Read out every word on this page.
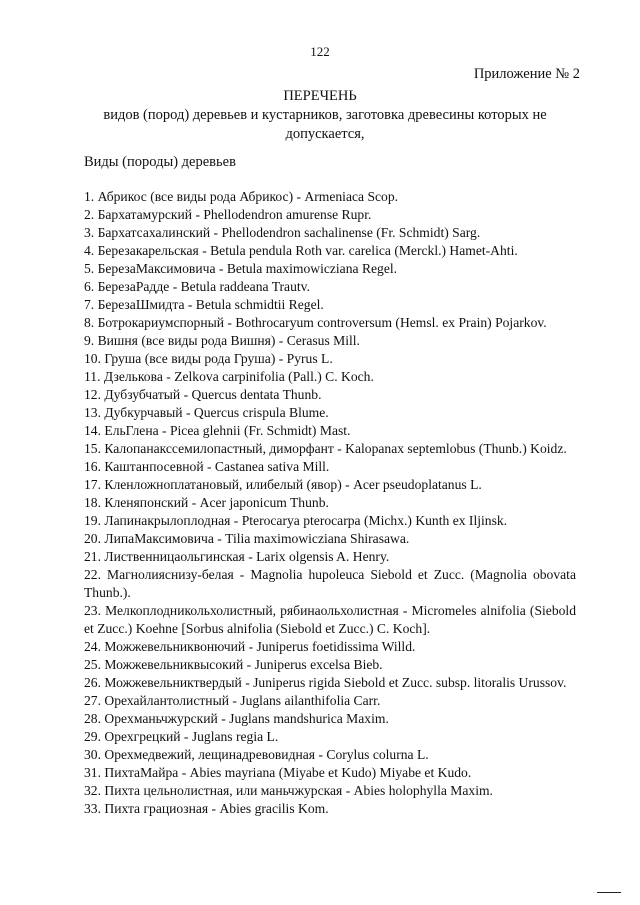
122
Приложение № 2
ПЕРЕЧЕНЬ
видов (пород) деревьев и кустарников, заготовка древесины которых не допускается,
Виды (породы) деревьев
1. Абрикос (все виды рода Абрикос) - Armeniaca Scop.
2. Бархатамурский - Phellodendron amurense Rupr.
3. Бархатсахалинский - Phellodendron sachalinense (Fr. Schmidt) Sarg.
4. Березакарельская - Betula pendula Roth var. carelica (Merckl.) Hamet-Ahti.
5. БерезаМаксимовича - Betula maximowicziana Regel.
6. БерезаРадде - Betula raddeana Trautv.
7. БерезаШмидта - Betula schmidtii Regel.
8. Ботрокариумспорный - Bothrocaryum controversum (Hemsl. ex Prain) Pojarkov.
9. Вишня (все виды рода Вишня) - Cerasus Mill.
10. Груша (все виды рода Груша) - Pyrus L.
11. Дзелькова - Zelkova carpinifolia (Pall.) C. Koch.
12. Дубзубчатый - Quercus dentata Thunb.
13. Дубкурчавый - Quercus crispula Blume.
14. ЕльГлена - Picea glehnii (Fr. Schmidt) Mast.
15. Калопанакссемилопастный, диморфант - Kalopanax septemlobus (Thunb.) Koidz.
16. Каштанпосевной - Castanea sativa Mill.
17. Кленложноплатановый, илибелый (явор) - Acer pseudoplatanus L.
18. Кленяпонский - Acer japonicum Thunb.
19. Лапинакрылоплодная - Pterocarya pterocarpa (Michx.) Kunth ex Iljinsk.
20. ЛипаМаксимовича - Tilia maximowicziana Shirasawa.
21. Лиственницаольгинская - Larix olgensis A. Henry.
22. Магнолияснизу-белая - Magnolia hupoleuca Siebold et Zucc. (Magnolia obovata Thunb.).
23. Мелкоплодникольхолистный, рябинаольхолистная - Micromeles alnifolia (Siebold et Zucc.) Koehne [Sorbus alnifolia (Siebold et Zucc.) C. Koch].
24. Можжевельниквонючий - Juniperus foetidissima Willd.
25. Можжевельниквысокий - Juniperus excelsa Bieb.
26. Можжевельниктвердый - Juniperus rigida Siebold et Zucc. subsp. litoralis Urussov.
27. Орехайлантолистный - Juglans ailanthifolia Carr.
28. Ореxманьчжурский - Juglans mandshurica Maxim.
29. Орехгрецкий - Juglans regia L.
30. Орехмедвежий, лещинадревовидная - Corylus colurna L.
31. ПихтаМайра - Abies mayriana (Miyabe et Kudo) Miyabe et Kudo.
32. Пихта цельнолистная, или маньчжурская - Abies holophylla Maxim.
33. Пихта грациозная - Abies gracilis Kom.
